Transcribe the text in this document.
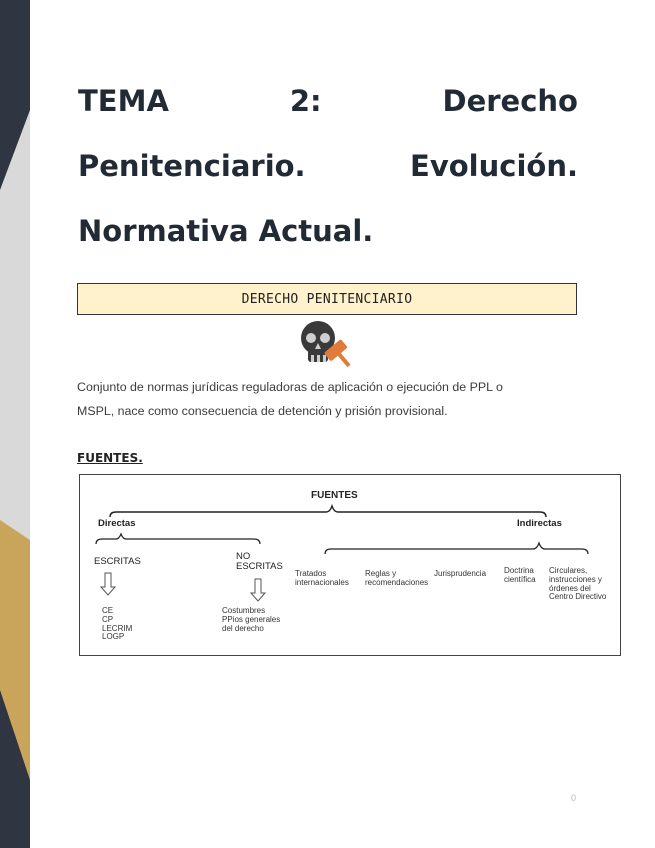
TEMA	2:	Derecho
Penitenciario.	Evolución.
Normativa Actual.
DERECHO PENITENCIARIO
Conjunto de normas jurídicas reguladoras de aplicación o ejecución de PPL o
MSPL, nace como consecuencia de detención y prisión provisional.
FUENTES.
FUENTES
Directas	Indirectas
ESCRITAS	NO
ESCRITAS
CE
CP
LECRIM
LOGP
Costumbres
PPios generales
del derecho
Tratados
internacionales
Reglas y
recomendaciones
Jurisprudencia Doctrina
científica
Circulares,
instrucciones y
órdenes del
Centro Directivo
0
